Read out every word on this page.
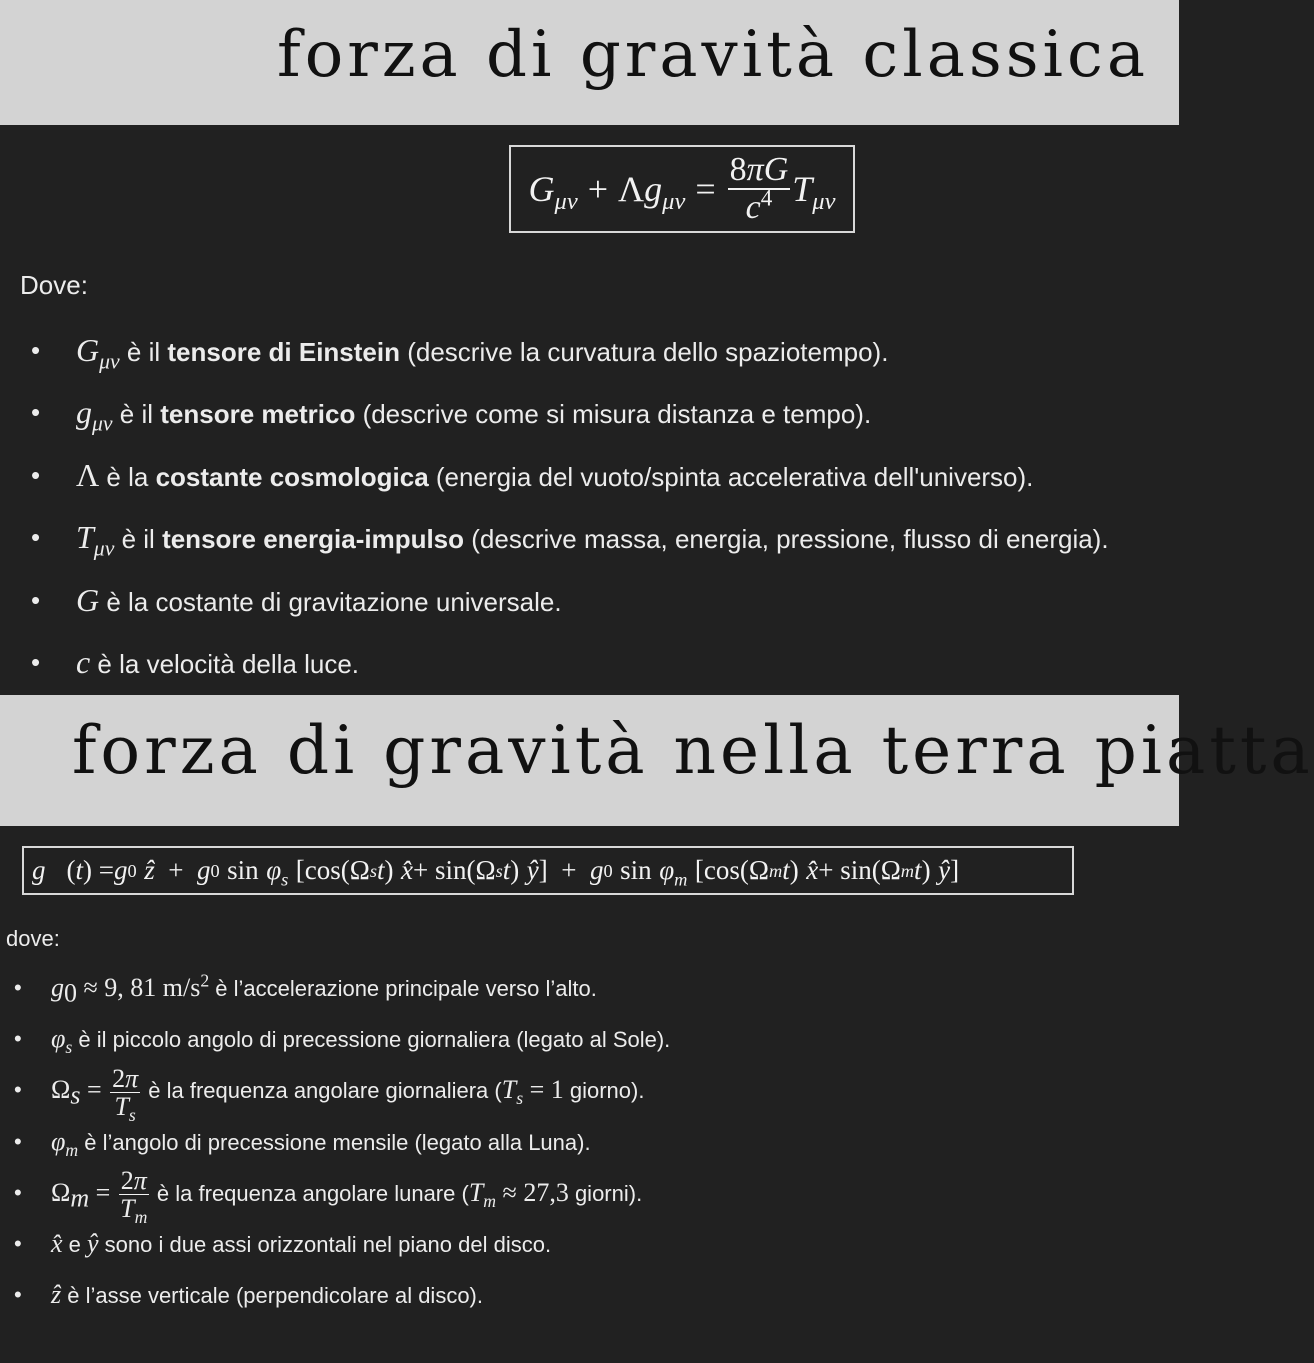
forza di gravità classica
$G_{\mu\nu}$
+
Λ $g_{\mu\nu}$
=
$\frac{8\pi G}{c^4} T_{\mu\nu}$
Dove:
• $G_{\mu\nu}$ è il tensore di Einstein (descrive la curvatura dello spaziotempo).
• $g_{\mu\nu}$ è il tensore metrico (descrive come si misura distanza e tempo).
• Λ è la costante cosmologica (energia del vuoto/spinta accelerativa dell'universo).
• $T_{\mu\nu}$ è il tensore energia-impulso (descrive massa, energia, pressione, flusso di energia).
• G è la costante di gravitazione universale.
• c è la velocità della luce.
forza di gravità nella terra piatta
g⃗ ( t ) = g 0
ẑ + g 0
sin
$\varphi_s$
[cos(Ω s t )
x̂ + sin(Ω s t )
ŷ ]  + g 0
sin
$\varphi_m$
[cos(Ω m t )
x̂ + sin(Ω m t )
ŷ ]
dove:
• $g_0 \approx 9$, 81 $m/s^2$ è l’accelerazione principale verso l’alto.
• $\varphi_s$ è il piccolo angolo di precessione giornaliera (legato al Sole).
• $\Omega_s = \frac{2\pi}{T_s}$ è la frequenza angolare giornaliera ($T_s = 1$ giorno).
• $\varphi_m$ è l’angolo di precessione mensile (legato alla Luna).
• $\Omega_m = \frac{2\pi}{T_m}$ è la frequenza angolare lunare ($T_m \approx 27,3$ giorni).
• x̂ e ŷ sono i due assi orizzontali nel piano del disco.
• ẑ è l’asse verticale (perpendicolare al disco).
